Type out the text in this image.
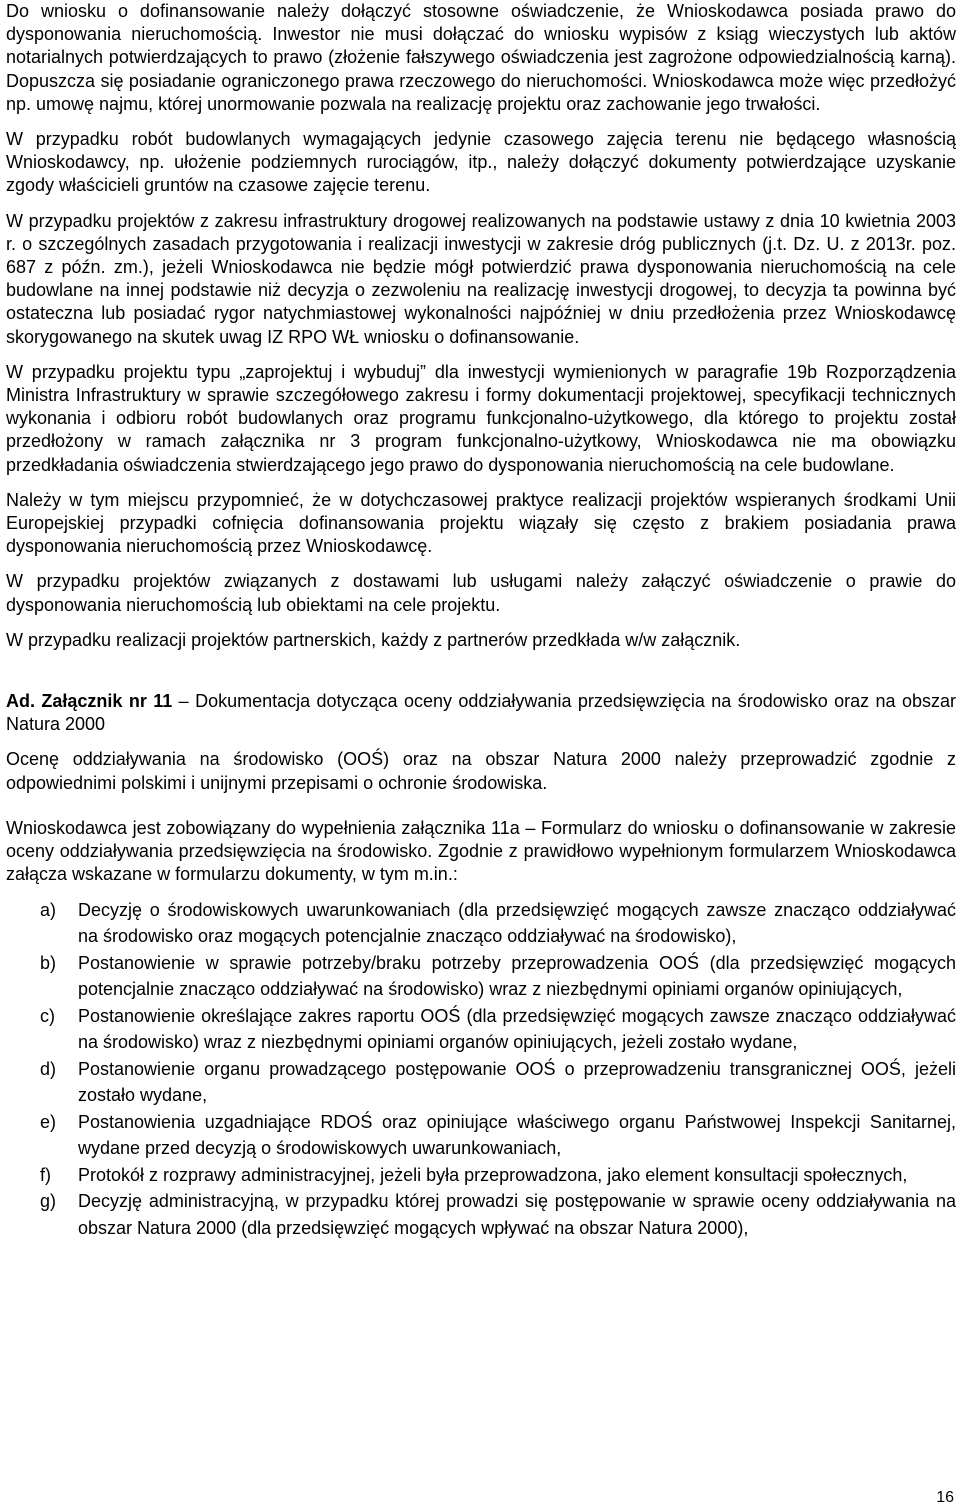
Do wniosku o dofinansowanie należy dołączyć stosowne oświadczenie, że Wnioskodawca posiada prawo do dysponowania nieruchomością. Inwestor nie musi dołączać do wniosku wypisów z ksiąg wieczystych lub aktów notarialnych potwierdzających to prawo (złożenie fałszywego oświadczenia jest zagrożone odpowiedzialnością karną). Dopuszcza się posiadanie ograniczonego prawa rzeczowego do nieruchomości. Wnioskodawca może więc przedłożyć np. umowę najmu, której unormowanie pozwala na realizację projektu oraz zachowanie jego trwałości.

W przypadku robót budowlanych wymagających jedynie czasowego zajęcia terenu nie będącego własnością Wnioskodawcy, np. ułożenie podziemnych rurociągów, itp., należy dołączyć dokumenty potwierdzające uzyskanie zgody właścicieli gruntów na czasowe zajęcie terenu.

W przypadku projektów z zakresu infrastruktury drogowej realizowanych na podstawie ustawy z dnia 10 kwietnia 2003 r. o szczególnych zasadach przygotowania i realizacji inwestycji w zakresie dróg publicznych (j.t. Dz. U. z 2013r. poz. 687 z późn. zm.), jeżeli Wnioskodawca nie będzie mógł potwierdzić prawa dysponowania nieruchomością na cele budowlane na innej podstawie niż decyzja o zezwoleniu na realizację inwestycji drogowej, to decyzja ta powinna być ostateczna lub posiadać rygor natychmiastowej wykonalności najpóźniej w dniu przedłożenia przez Wnioskodawcę skorygowanego na skutek uwag IZ RPO WŁ wniosku o dofinansowanie.

W przypadku projektu typu „zaprojektuj i wybuduj” dla inwestycji wymienionych w paragrafie 19b Rozporządzenia Ministra Infrastruktury w sprawie szczegółowego zakresu i formy dokumentacji projektowej, specyfikacji technicznych wykonania i odbioru robót budowlanych oraz programu funkcjonalno-użytkowego, dla którego to projektu został przedłożony w ramach załącznika nr 3 program funkcjonalno-użytkowy, Wnioskodawca nie ma obowiązku przedkładania oświadczenia stwierdzającego jego prawo do dysponowania nieruchomością na cele budowlane.

Należy w tym miejscu przypomnieć, że w dotychczasowej praktyce realizacji projektów wspieranych środkami Unii Europejskiej przypadki cofnięcia dofinansowania projektu wiązały się często z brakiem posiadania prawa dysponowania nieruchomością przez Wnioskodawcę.

W przypadku projektów związanych z dostawami lub usługami należy załączyć oświadczenie o prawie do dysponowania nieruchomością lub obiektami na cele projektu.

W przypadku realizacji projektów partnerskich, każdy z partnerów przedkłada w/w załącznik.

Ad. Załącznik nr 11 – Dokumentacja dotycząca oceny oddziaływania przedsięwzięcia na środowisko oraz na obszar Natura 2000

Ocenę oddziaływania na środowisko (OOŚ) oraz na obszar Natura 2000 należy przeprowadzić zgodnie z odpowiednimi polskimi i unijnymi przepisami o ochronie środowiska.

Wnioskodawca jest zobowiązany do wypełnienia załącznika 11a – Formularz do wniosku o dofinansowanie w zakresie oceny oddziaływania przedsięwzięcia na środowisko. Zgodnie z prawidłowo wypełnionym formularzem Wnioskodawca załącza wskazane w formularzu dokumenty, w tym m.in.:

a)	Decyzję o środowiskowych uwarunkowaniach (dla przedsięwzięć mogących zawsze znacząco oddziaływać na środowisko oraz mogących potencjalnie znacząco oddziaływać na środowisko),
b)	Postanowienie w sprawie potrzeby/braku potrzeby przeprowadzenia OOŚ (dla przedsięwzięć mogących potencjalnie znacząco oddziaływać na środowisko) wraz z niezbędnymi opiniami organów opiniujących,
c)	Postanowienie określające zakres raportu OOŚ (dla przedsięwzięć mogących zawsze znacząco oddziaływać na środowisko) wraz z niezbędnymi opiniami organów opiniujących, jeżeli zostało wydane,
d)	Postanowienie organu prowadzącego postępowanie OOŚ o przeprowadzeniu transgranicznej OOŚ, jeżeli zostało wydane,
e)	Postanowienia uzgadniające RDOŚ oraz opiniujące właściwego organu Państwowej Inspekcji Sanitarnej, wydane przed decyzją o środowiskowych uwarunkowaniach,
f)	Protokół z rozprawy administracyjnej, jeżeli była przeprowadzona, jako element konsultacji społecznych,
g)	Decyzję administracyjną, w przypadku której prowadzi się postępowanie w sprawie oceny oddziaływania na obszar Natura 2000 (dla przedsięwzięć mogących wpływać na obszar Natura 2000),
16
